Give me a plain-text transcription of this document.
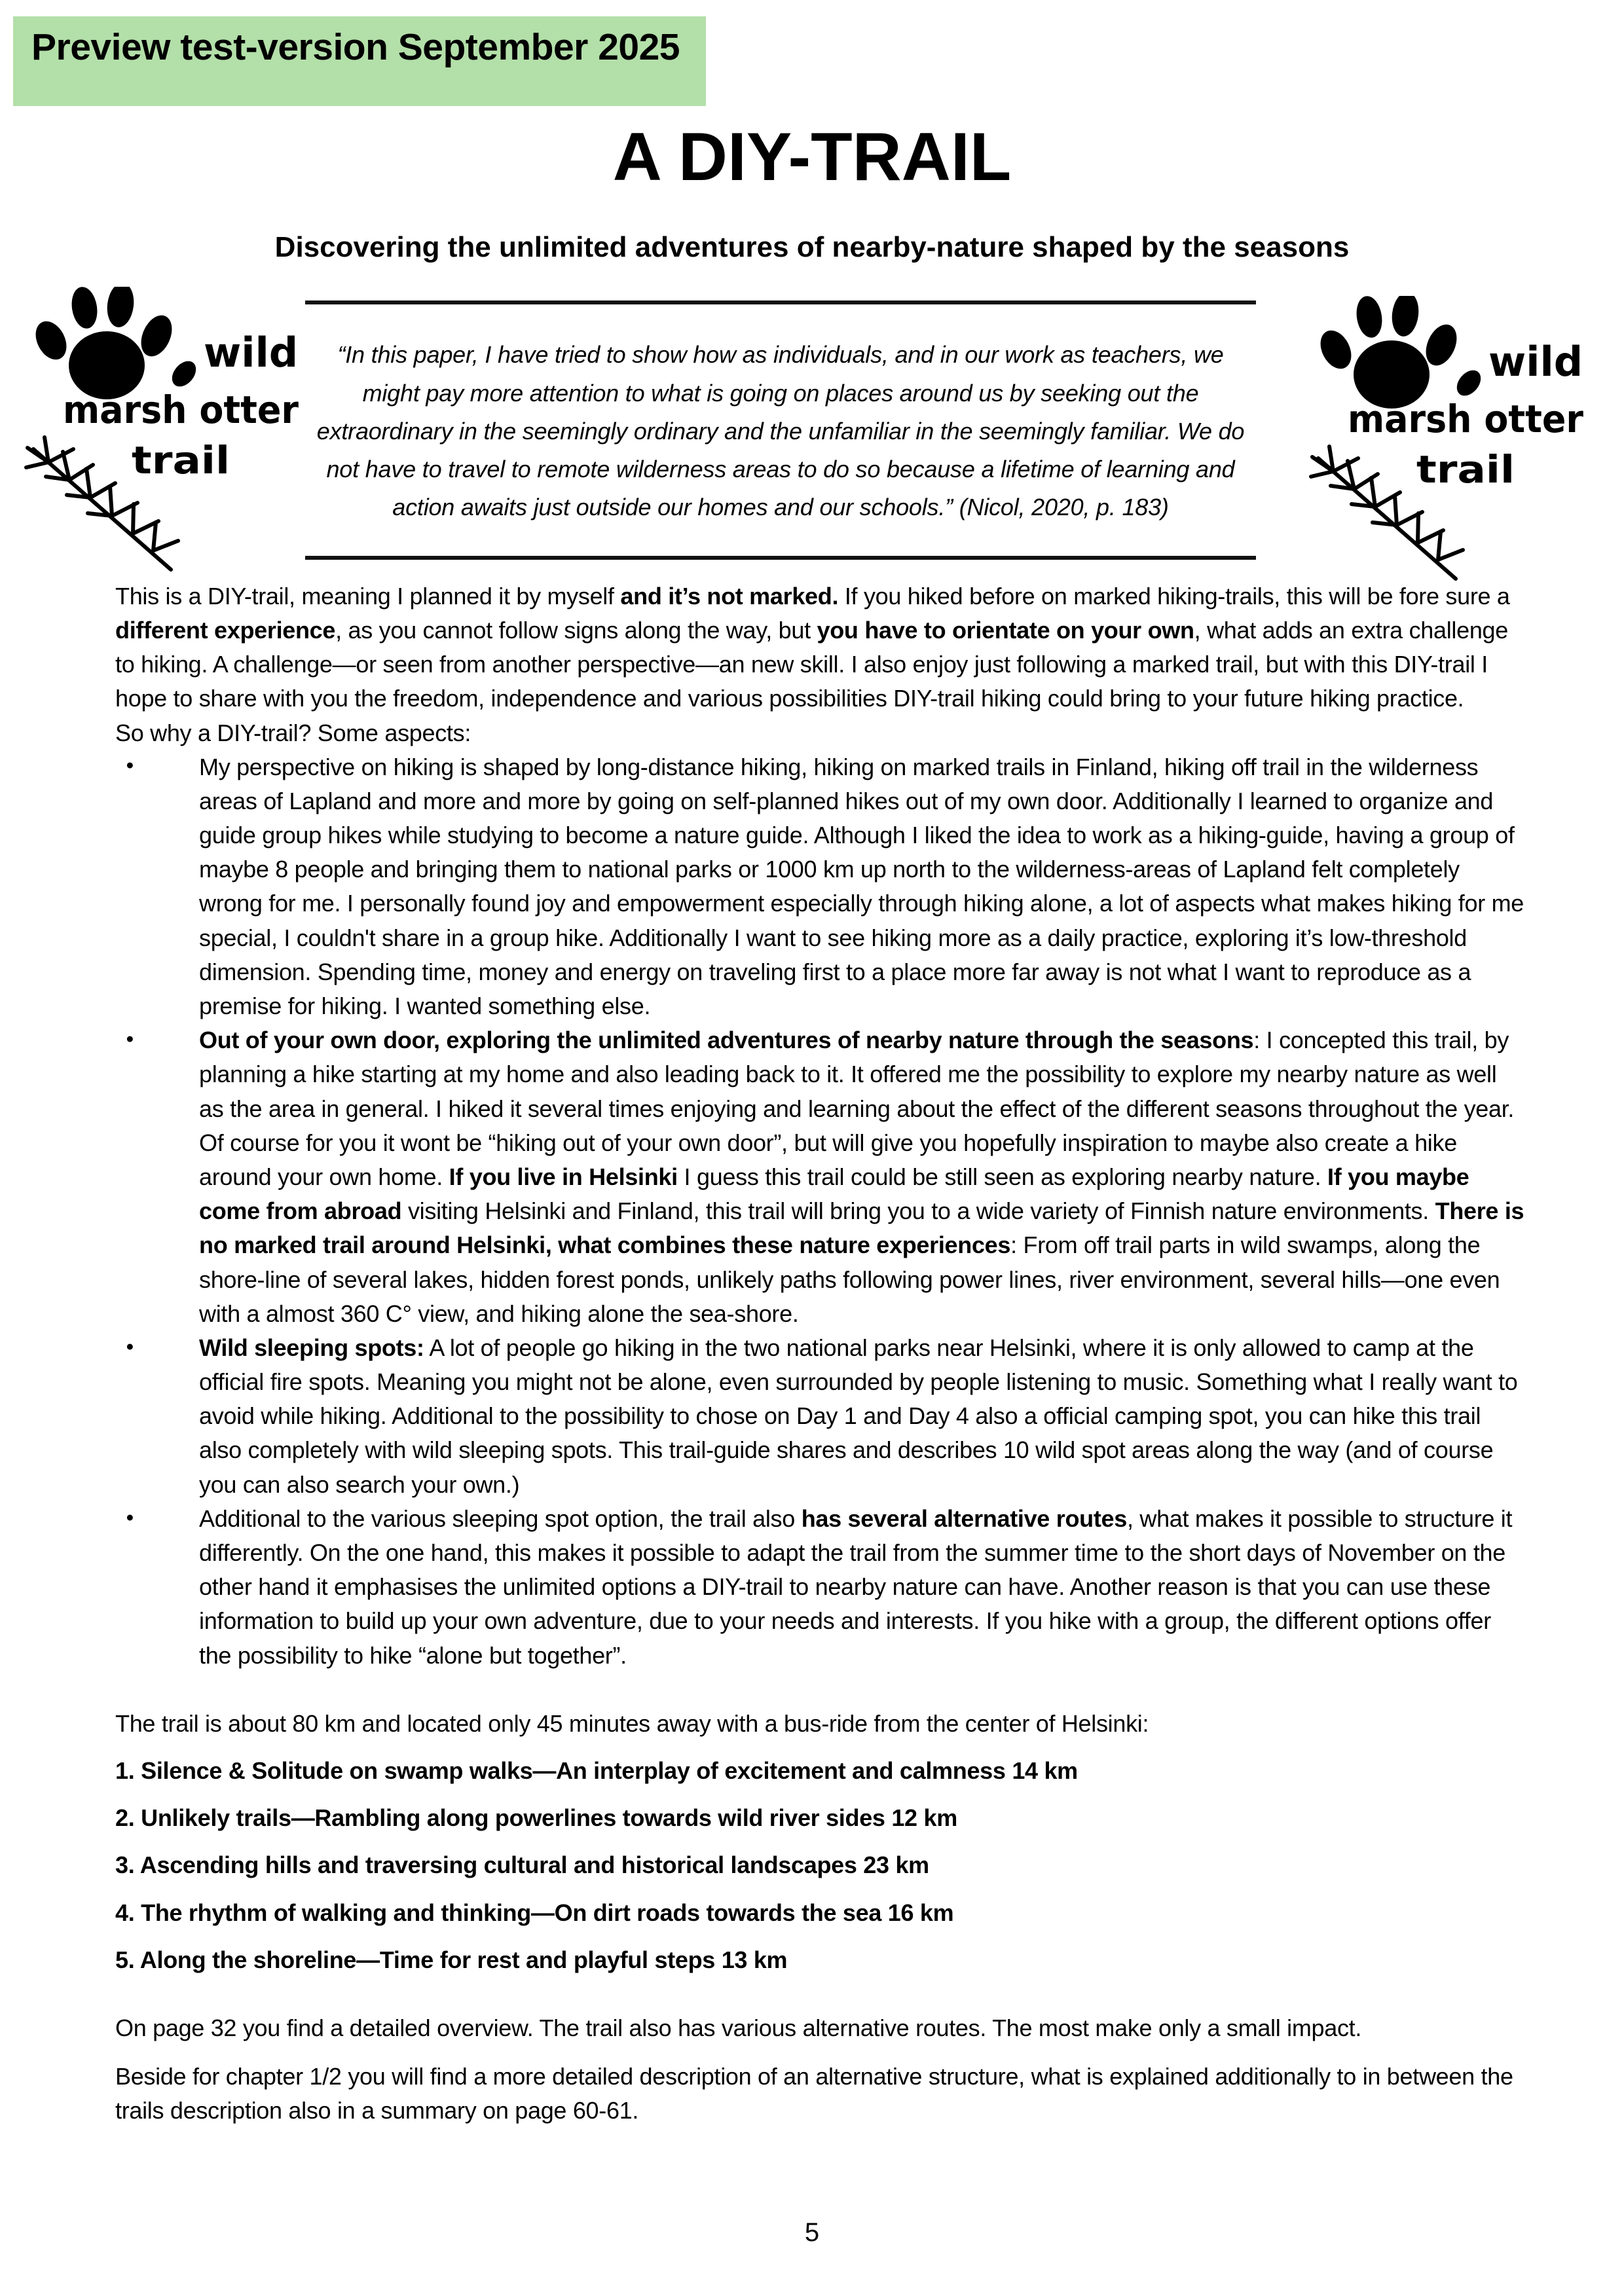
Preview test-version September 2025
A DIY-TRAIL
Discovering the unlimited adventures of nearby-nature shaped by the seasons
wild
marsh otter
trail
wild
marsh otter
trail
“In this paper, I have tried to show how as individuals, and in our work as teachers, we might pay more attention to what is going on places around us by seeking out the extraordinary in the seemingly ordinary and the unfamiliar in the seemingly familiar. We do not have to travel to remote wilderness areas to do so because a lifetime of learning and action awaits just outside our homes and our schools.” (Nicol, 2020, p. 183)

This is a DIY-trail, meaning I planned it by myself and it’s not marked. If you hiked before on marked hiking-trails, this will be fore sure a different experience, as you cannot follow signs along the way, but you have to orientate on your own, what adds an extra challenge to hiking. A challenge—or seen from another perspective—an new skill. I also enjoy just following a marked trail, but with this DIY-trail I hope to share with you the freedom, independence and various possibilities DIY-trail hiking could bring to your future hiking practice.

So why a DIY-trail? Some aspects:

● My perspective on hiking is shaped by long-distance hiking, hiking on marked trails in Finland, hiking off trail in the wilderness areas of Lapland and more and more by going on self-planned hikes out of my own door. Additionally I learned to organize and guide group hikes while studying to become a nature guide. Although I liked the idea to work as a hiking-guide, having a group of maybe 8 people and bringing them to national parks or 1000 km up north to the wilderness-areas of Lapland felt completely wrong for me. I personally found joy and empowerment especially through hiking alone, a lot of aspects what makes hiking for me special, I couldn't share in a group hike. Additionally I want to see hiking more as a daily practice, exploring it’s low-threshold dimension. Spending time, money and energy on traveling first to a place more far away is not what I want to reproduce as a premise for hiking. I wanted something else.
● Out of your own door, exploring the unlimited adventures of nearby nature through the seasons: I concepted this trail, by planning a hike starting at my home and also leading back to it. It offered me the possibility to explore my nearby nature as well as the area in general. I hiked it several times enjoying and learning about the effect of the different seasons throughout the year. Of course for you it wont be “hiking out of your own door”, but will give you hopefully inspiration to maybe also create a hike around your own home. If you live in Helsinki I guess this trail could be still seen as exploring nearby nature. If you maybe come from abroad visiting Helsinki and Finland, this trail will bring you to a wide variety of Finnish nature environments. There is no marked trail around Helsinki, what combines these nature experiences: From off trail parts in wild swamps, along the shore-line of several lakes, hidden forest ponds, unlikely paths following power lines, river environment, several hills—one even with a almost 360 C° view, and hiking alone the sea-shore.
● Wild sleeping spots: A lot of people go hiking in the two national parks near Helsinki, where it is only allowed to camp at the official fire spots. Meaning you might not be alone, even surrounded by people listening to music. Something what I really want to avoid while hiking. Additional to the possibility to chose on Day 1 and Day 4 also a official camping spot, you can hike this trail also completely with wild sleeping spots. This trail-guide shares and describes 10 wild spot areas along the way (and of course you can also search your own.)
● Additional to the various sleeping spot option, the trail also has several alternative routes, what makes it possible to structure it differently. On the one hand, this makes it possible to adapt the trail from the summer time to the short days of November on the other hand it emphasises the unlimited options a DIY-trail to nearby nature can have. Another reason is that you can use these information to build up your own adventure, due to your needs and interests. If you hike with a group, the different options offer the possibility to hike “alone but together”.

The trail is about 80 km and located only 45 minutes away with a bus-ride from the center of Helsinki:

1. Silence & Solitude on swamp walks—An interplay of excitement and calmness 14 km

2. Unlikely trails—Rambling along powerlines towards wild river sides 12 km

3. Ascending hills and traversing cultural and historical landscapes 23 km

4. The rhythm of walking and thinking—On dirt roads towards the sea 16 km

5. Along the shoreline—Time for rest and playful steps 13 km

On page 32 you find a detailed overview. The trail also has various alternative routes. The most make only a small impact.

Beside for chapter 1/2 you will find a more detailed description of an alternative structure, what is explained additionally to in between the trails description also in a summary on page 60-61.

5
